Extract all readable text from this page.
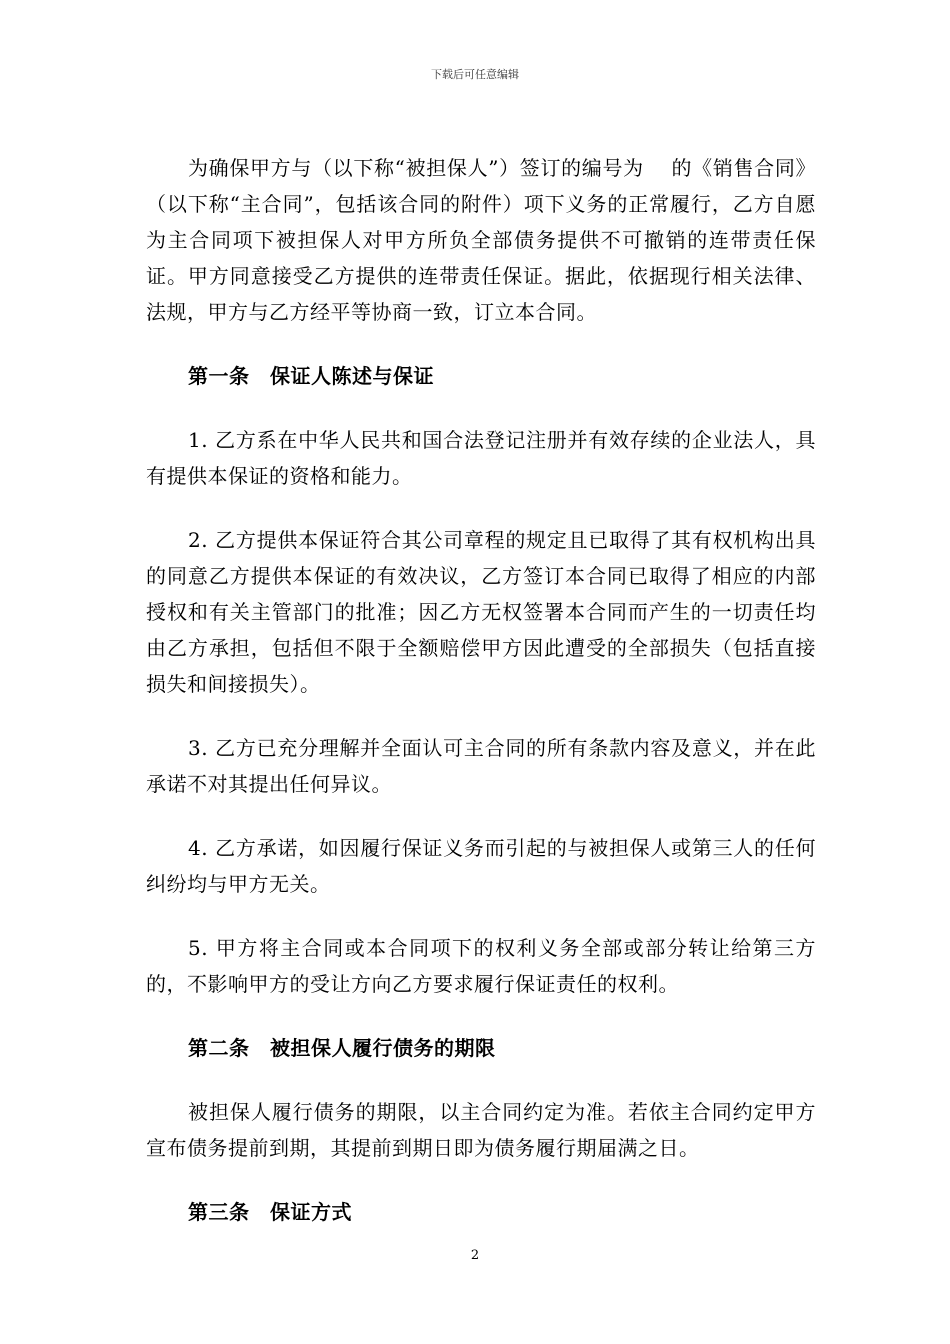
下载后可任意编辑

为确保甲方与（以下称“被担保人”）签订的编号为　 的《销售合同》（以下称“主合同”，包括该合同的附件）项下义务的正常履行，乙方自愿为主合同项下被担保人对甲方所负全部债务提供不可撤销的连带责任保证。甲方同意接受乙方提供的连带责任保证。据此，依据现行相关法律、法规，甲方与乙方经平等协商一致，订立本合同。

第一条　保证人陈述与保证

1. 乙方系在中华人民共和国合法登记注册并有效存续的企业法人，具有提供本保证的资格和能力。

2. 乙方提供本保证符合其公司章程的规定且已取得了其有权机构出具的同意乙方提供本保证的有效决议，乙方签订本合同已取得了相应的内部授权和有关主管部门的批准；因乙方无权签署本合同而产生的一切责任均由乙方承担，包括但不限于全额赔偿甲方因此遭受的全部损失（包括直接损失和间接损失）。

3. 乙方已充分理解并全面认可主合同的所有条款内容及意义，并在此承诺不对其提出任何异议。

4. 乙方承诺，如因履行保证义务而引起的与被担保人或第三人的任何纠纷均与甲方无关。

5. 甲方将主合同或本合同项下的权利义务全部或部分转让给第三方的，不影响甲方的受让方向乙方要求履行保证责任的权利。

第二条　被担保人履行债务的期限

被担保人履行债务的期限，以主合同约定为准。若依主合同约定甲方宣布债务提前到期，其提前到期日即为债务履行期届满之日。

第三条　保证方式

2
